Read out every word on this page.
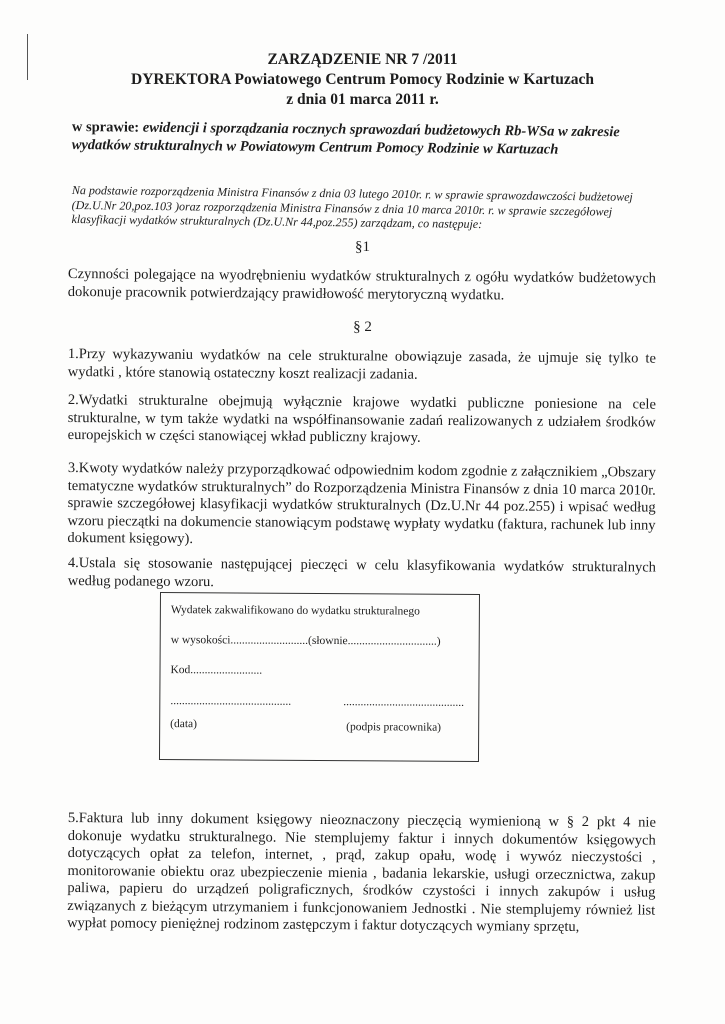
ZARZĄDZENIE NR 7 /2011

DYREKTORA Powiatowego Centrum Pomocy Rodzinie w Kartuzach

z dnia 01 marca 2011 r.

w sprawie: ewidencji i sporządzania rocznych sprawozdań budżetowych Rb-WSa w zakresie wydatków strukturalnych w Powiatowym Centrum Pomocy Rodzinie w Kartuzach

Na podstawie rozporządzenia Ministra Finansów z dnia 03 lutego 2010r. r. w sprawie sprawozdawczości budżetowej (Dz.U.Nr 20,poz.103 )oraz rozporządzenia Ministra Finansów z dnia 10 marca 2010r. r. w sprawie szczegółowej klasyfikacji wydatków strukturalnych (Dz.U.Nr 44,poz.255) zarządzam, co następuje:

§1

Czynności polegające na wyodrębnieniu wydatków strukturalnych z ogółu wydatków budżetowych dokonuje pracownik potwierdzający prawidłowość merytoryczną wydatku.

§ 2

1.Przy wykazywaniu wydatków na cele strukturalne obowiązuje zasada, że ujmuje się tylko te wydatki , które stanowią ostateczny koszt realizacji zadania.

2.Wydatki strukturalne obejmują wyłącznie krajowe wydatki publiczne poniesione na cele strukturalne, w tym także wydatki na współfinansowanie zadań realizowanych z udziałem środków europejskich w części stanowiącej wkład publiczny krajowy.

3.Kwoty wydatków należy przyporządkować odpowiednim kodom zgodnie z załącznikiem „Obszary tematyczne wydatków strukturalnych” do Rozporządzenia Ministra Finansów z dnia 10 marca 2010r. sprawie szczegółowej klasyfikacji wydatków strukturalnych (Dz.U.Nr 44 poz.255) i wpisać według wzoru pieczątki na dokumencie stanowiącym podstawę wypłaty wydatku (faktura, rachunek lub inny dokument księgowy).

4.Ustala się stosowanie następującej pieczęci w celu klasyfikowania wydatków strukturalnych według podanego wzoru.

Wydatek zakwalifikowano do wydatku strukturalnego
w wysokości...........................(słownie...............................)
Kod.........................
..........................................	..........................................
(data)	(podpis pracownika)

5.Faktura lub inny dokument księgowy nieoznaczony pieczęcią wymienioną w § 2 pkt 4 nie dokonuje wydatku strukturalnego. Nie stemplujemy faktur i innych dokumentów księgowych dotyczących opłat za telefon, internet, , prąd, zakup opału, wodę i wywóz nieczystości , monitorowanie obiektu oraz ubezpieczenie mienia , badania lekarskie, usługi orzecznictwa, zakup paliwa, papieru do urządzeń poligraficznych, środków czystości i innych zakupów i usług związanych z bieżącym utrzymaniem i funkcjonowaniem Jednostki . Nie stemplujemy również list wypłat pomocy pieniężnej rodzinom zastępczym i faktur dotyczących wymiany sprzętu,
